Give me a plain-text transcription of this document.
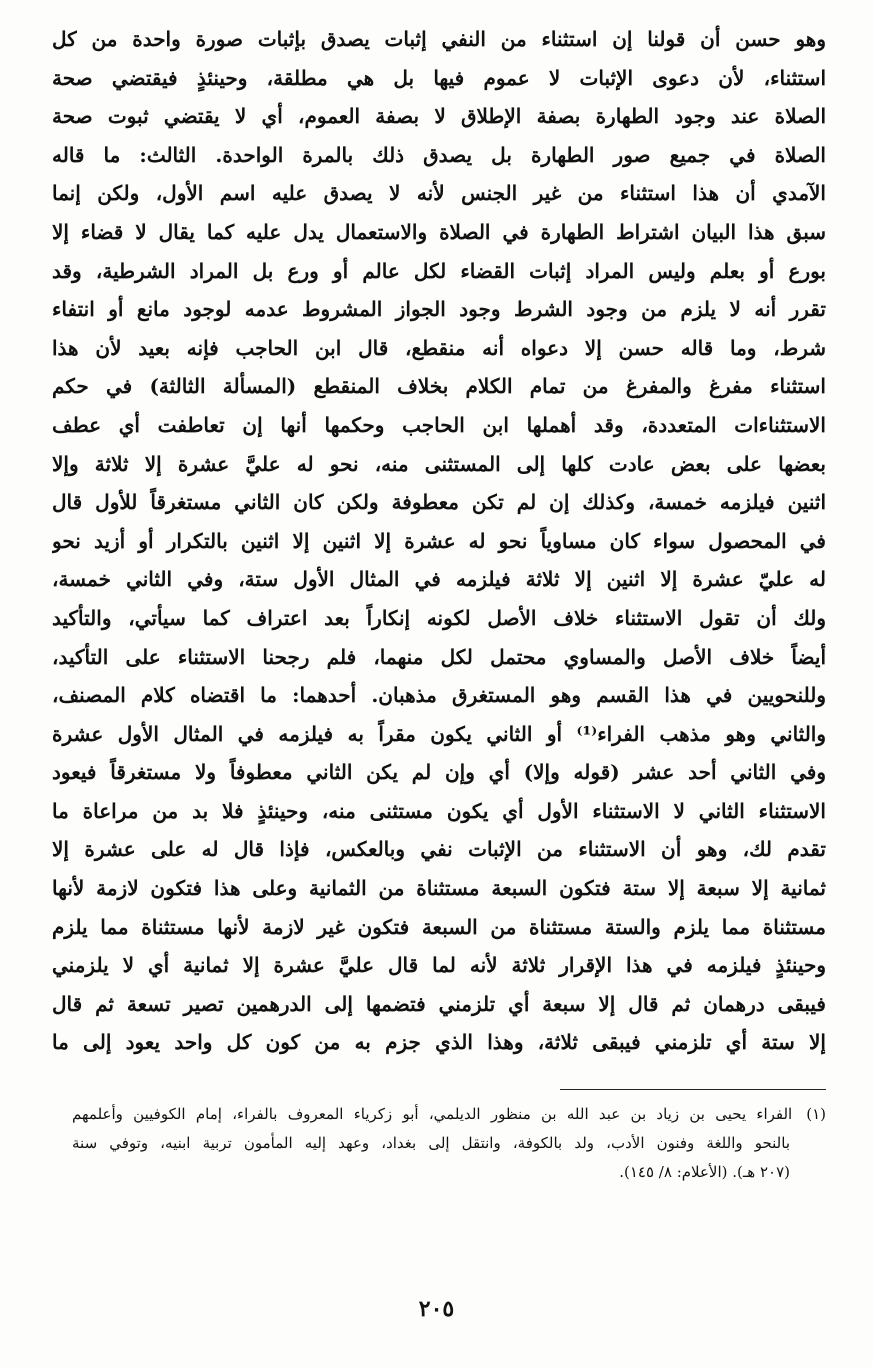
وهو حسن أن قولنا إن استثناء من النفي إثبات يصدق بإثبات صورة واحدة من كل
استثناء، لأن دعوى الإثبات لا عموم فيها بل هي مطلقة، وحينئذٍ فيقتضي صحة
الصلاة عند وجود الطهارة بصفة الإطلاق لا بصفة العموم، أي لا يقتضي ثبوت صحة
الصلاة في جميع صور الطهارة بل يصدق ذلك بالمرة الواحدة. الثالث: ما قاله
الآمدي أن هذا استثناء من غير الجنس لأنه لا يصدق عليه اسم الأول، ولكن إنما
سبق هذا البيان اشتراط الطهارة في الصلاة والاستعمال يدل عليه كما يقال لا قضاء إلا
بورع أو بعلم وليس المراد إثبات القضاء لكل عالم أو ورع بل المراد الشرطية، وقد
تقرر أنه لا يلزم من وجود الشرط وجود الجواز المشروط عدمه لوجود مانع أو انتفاء
شرط، وما قاله حسن إلا دعواه أنه منقطع، قال ابن الحاجب فإنه بعيد لأن هذا
استثناء مفرغ والمفرغ من تمام الكلام بخلاف المنقطع (المسألة الثالثة) في حكم
الاستثناءات المتعددة، وقد أهملها ابن الحاجب وحكمها أنها إن تعاطفت أي عطف
بعضها على بعض عادت كلها إلى المستثنى منه، نحو له عليَّ عشرة إلا ثلاثة وإلا
اثنين فيلزمه خمسة، وكذلك إن لم تكن معطوفة ولكن كان الثاني مستغرقاً للأول قال
في المحصول سواء كان مساوياً نحو له عشرة إلا اثنين إلا اثنين بالتكرار أو أزيد نحو
له عليّ عشرة إلا اثنين إلا ثلاثة فيلزمه في المثال الأول ستة، وفي الثاني خمسة،
ولك أن تقول الاستثناء خلاف الأصل لكونه إنكاراً بعد اعتراف كما سيأتي، والتأكيد
أيضاً خلاف الأصل والمساوي محتمل لكل منهما، فلم رجحنا الاستثناء على التأكيد،
وللنحويين في هذا القسم وهو المستغرق مذهبان. أحدهما: ما اقتضاه كلام المصنف،
والثاني وهو مذهب الفراء⁽¹⁾ أو الثاني يكون مقراً به فيلزمه في المثال الأول عشرة
وفي الثاني أحد عشر (قوله وإلا) أي وإن لم يكن الثاني معطوفاً ولا مستغرقاً فيعود
الاستثناء الثاني لا الاستثناء الأول أي يكون مستثنى منه، وحينئذٍ فلا بد من مراعاة ما
تقدم لك، وهو أن الاستثناء من الإثبات نفي وبالعكس، فإذا قال له على عشرة إلا
ثمانية إلا سبعة إلا ستة فتكون السبعة مستثناة من الثمانية وعلى هذا فتكون لازمة لأنها
مستثناة مما يلزم والستة مستثناة من السبعة فتكون غير لازمة لأنها مستثناة مما يلزم
وحينئذٍ فيلزمه في هذا الإقرار ثلاثة لأنه لما قال عليَّ عشرة إلا ثمانية أي لا يلزمني
فيبقى درهمان ثم قال إلا سبعة أي تلزمني فتضمها إلى الدرهمين تصير تسعة ثم قال
إلا ستة أي تلزمني فيبقى ثلاثة، وهذا الذي جزم به من كون كل واحد يعود إلى ما
(١)الفراء يحيى بن زياد بن عبد الله بن منظور الديلمي، أبو زكرياء المعروف بالفراء، إمام الكوفيين وأعلمهم
بالنحو واللغة وفنون الأدب، ولد بالكوفة، وانتقل إلى بغداد، وعهد إليه المأمون تربية ابنيه، وتوفي سنة
(٢٠٧ هـ). (الأعلام: ٨/ ١٤٥).
٢٠٥
